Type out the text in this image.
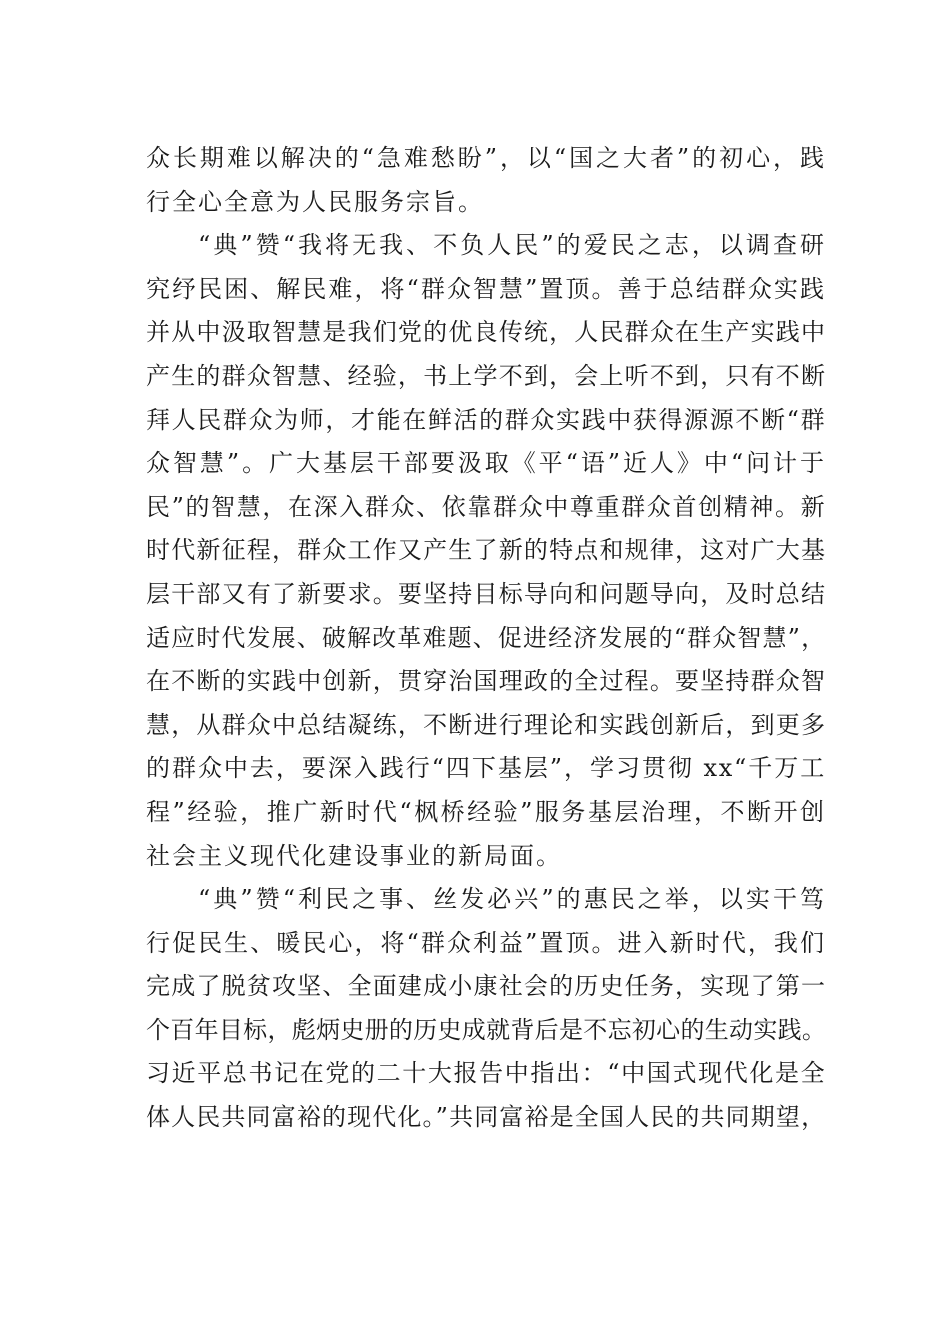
众长期难以解决的“急难愁盼”，以“国之大者”的初心，践
行全心全意为人民服务宗旨。
“典”赞“我将无我、不负人民”的爱民之志，以调查研
究纾民困、解民难，将“群众智慧”置顶。善于总结群众实践
并从中汲取智慧是我们党的优良传统，人民群众在生产实践中
产生的群众智慧、经验，书上学不到，会上听不到，只有不断
拜人民群众为师，才能在鲜活的群众实践中获得源源不断“群
众智慧”。广大基层干部要汲取《平“语”近人》中“问计于
民”的智慧，在深入群众、依靠群众中尊重群众首创精神。新
时代新征程，群众工作又产生了新的特点和规律，这对广大基
层干部又有了新要求。要坚持目标导向和问题导向，及时总结
适应时代发展、破解改革难题、促进经济发展的“群众智慧”，
在不断的实践中创新，贯穿治国理政的全过程。要坚持群众智
慧，从群众中总结凝练，不断进行理论和实践创新后，到更多
的群众中去，要深入践行“四下基层”，学习贯彻 xx“千万工
程”经验，推广新时代“枫桥经验”服务基层治理，不断开创
社会主义现代化建设事业的新局面。
“典”赞“利民之事、丝发必兴”的惠民之举，以实干笃
行促民生、暖民心，将“群众利益”置顶。进入新时代，我们
完成了脱贫攻坚、全面建成小康社会的历史任务，实现了第一
个百年目标，彪炳史册的历史成就背后是不忘初心的生动实践。
习近平总书记在党的二十大报告中指出：“中国式现代化是全
体人民共同富裕的现代化。”共同富裕是全国人民的共同期望，
